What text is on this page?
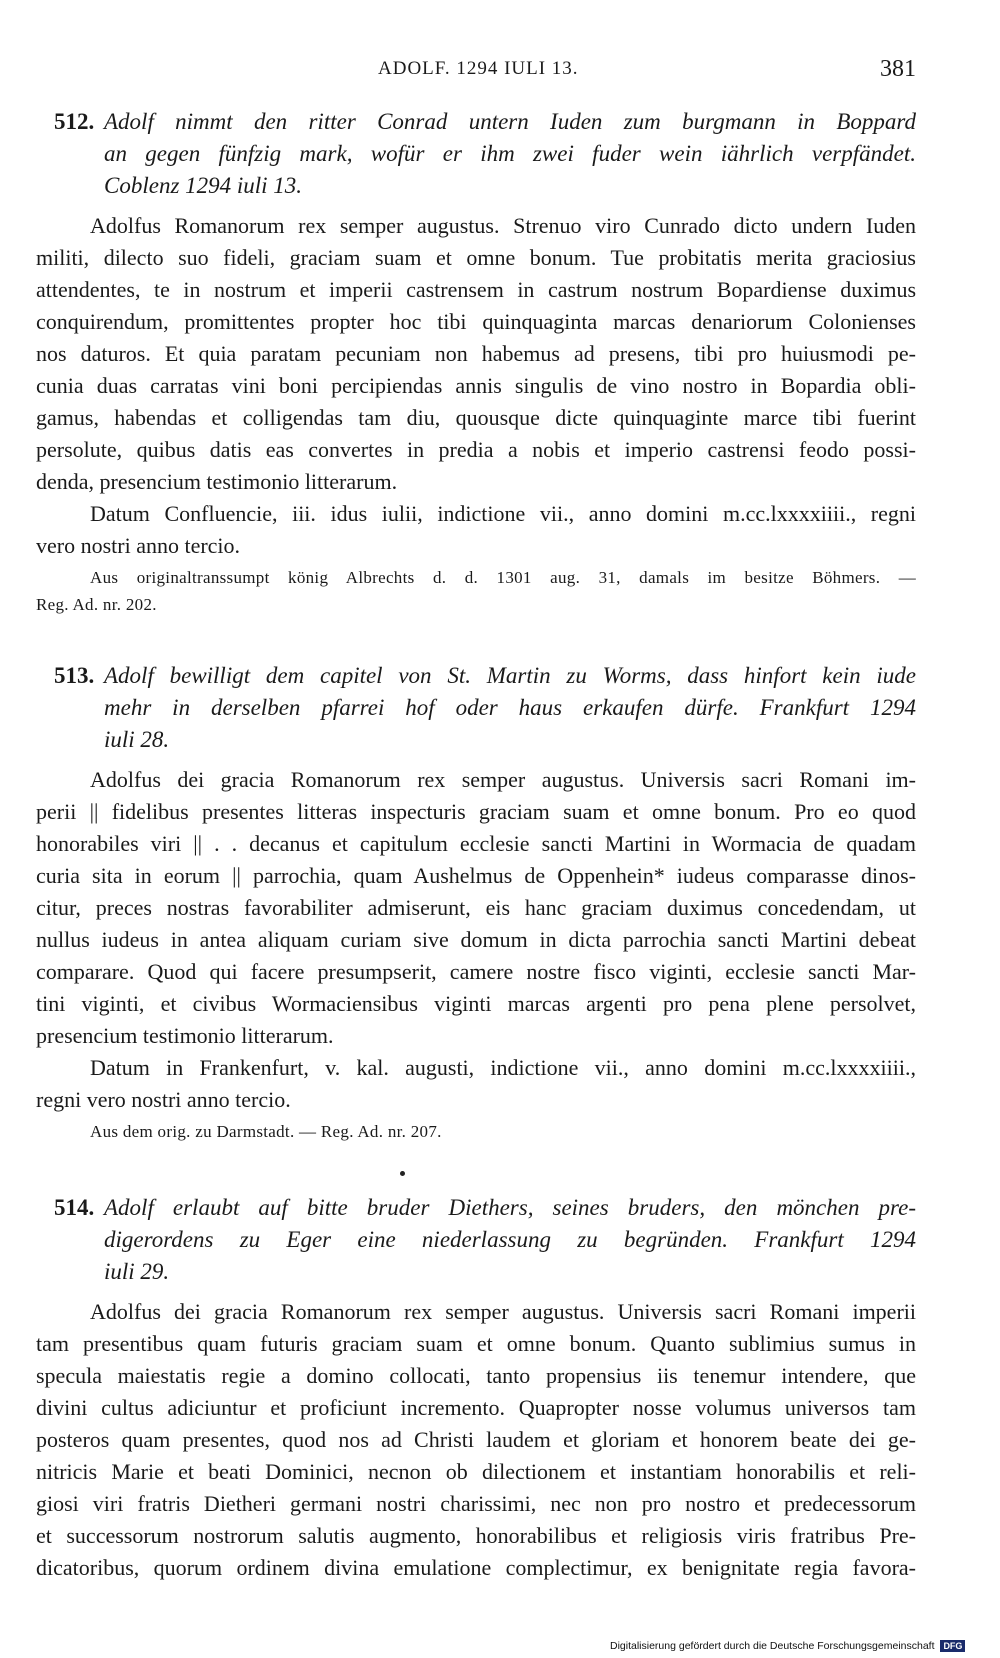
ADOLF. 1294 IULI 13.	381
512. Adolf nimmt den ritter Conrad untern Iuden zum burgmann in Boppard
an gegen fünfzig mark, wofür er ihm zwei fuder wein iährlich verpfändet.
Coblenz 1294 iuli 13.
Adolfus Romanorum rex semper augustus. Strenuo viro Cunrado dicto undern Iuden
militi, dilecto suo fideli, graciam suam et omne bonum. Tue probitatis merita graciosius
attendentes, te in nostrum et imperii castrensem in castrum nostrum Bopardiense duximus
conquirendum, promittentes propter hoc tibi quinquaginta marcas denariorum Colonienses
nos daturos. Et quia paratam pecuniam non habemus ad presens, tibi pro huiusmodi pe-
cunia duas carratas vini boni percipiendas annis singulis de vino nostro in Bopardia obli-
gamus, habendas et colligendas tam diu, quousque dicte quinquaginte marce tibi fuerint
persolute, quibus datis eas convertes in predia a nobis et imperio castrensi feodo possi-
denda, presencium testimonio litterarum.
Datum Confluencie, iii. idus iulii, indictione vii., anno domini m.cc.lxxxxiiii., regni
vero nostri anno tercio.
Aus originaltranssumpt könig Albrechts d. d. 1301 aug. 31, damals im besitze Böhmers. —
Reg. Ad. nr. 202.
513. Adolf bewilligt dem capitel von St. Martin zu Worms, dass hinfort kein iude
mehr in derselben pfarrei hof oder haus erkaufen dürfe. Frankfurt 1294
iuli 28.
Adolfus dei gracia Romanorum rex semper augustus. Universis sacri Romani im-
perii || fidelibus presentes litteras inspecturis graciam suam et omne bonum. Pro eo quod
honorabiles viri || . . decanus et capitulum ecclesie sancti Martini in Wormacia de quadam
curia sita in eorum || parrochia, quam Aushelmus de Oppenhein* iudeus comparasse dinos-
citur, preces nostras favorabiliter admiserunt, eis hanc graciam duximus concedendam, ut
nullus iudeus in antea aliquam curiam sive domum in dicta parrochia sancti Martini debeat
comparare. Quod qui facere presumpserit, camere nostre fisco viginti, ecclesie sancti Mar-
tini viginti, et civibus Wormaciensibus viginti marcas argenti pro pena plene persolvet,
presencium testimonio litterarum.
Datum in Frankenfurt, v. kal. augusti, indictione vii., anno domini m.cc.lxxxxiiii.,
regni vero nostri anno tercio.
Aus dem orig. zu Darmstadt. — Reg. Ad. nr. 207.
514. Adolf erlaubt auf bitte bruder Diethers, seines bruders, den mönchen pre-
digerordens zu Eger eine niederlassung zu begründen. Frankfurt 1294
iuli 29.
Adolfus dei gracia Romanorum rex semper augustus. Universis sacri Romani imperii
tam presentibus quam futuris graciam suam et omne bonum. Quanto sublimius sumus in
specula maiestatis regie a domino collocati, tanto propensius iis tenemur intendere, que
divini cultus adiciuntur et proficiunt incremento. Quapropter nosse volumus universos tam
posteros quam presentes, quod nos ad Christi laudem et gloriam et honorem beate dei ge-
nitricis Marie et beati Dominici, necnon ob dilectionem et instantiam honorabilis et reli-
giosi viri fratris Dietheri germani nostri charissimi, nec non pro nostro et predecessorum
et successorum nostrorum salutis augmento, honorabilibus et religiosis viris fratribus Pre-
dicatoribus, quorum ordinem divina emulatione complectimur, ex benignitate regia favora-
Digitalisierung gefördert durch die Deutsche Forschungsgemeinschaft DFG
